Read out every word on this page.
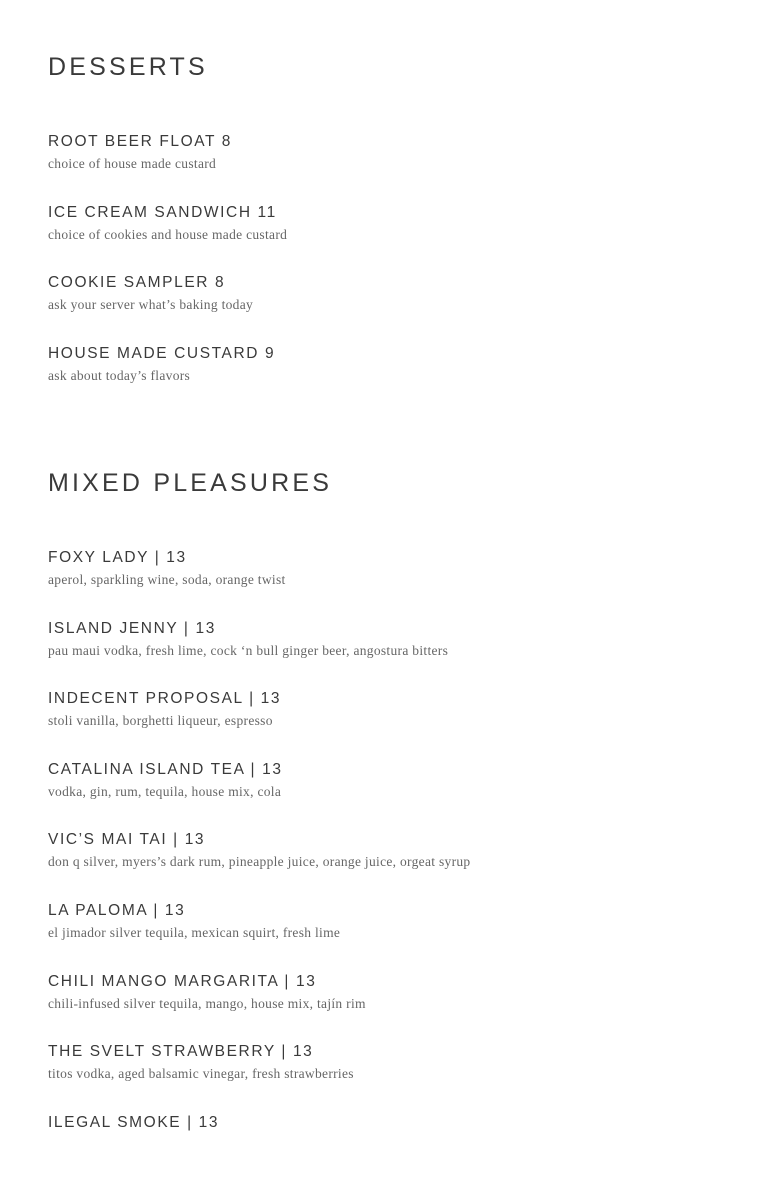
DESSERTS
ROOT BEER FLOAT 8
choice of house made custard
ICE CREAM SANDWICH 11
choice of cookies and house made custard
COOKIE SAMPLER 8
ask your server what’s baking today
HOUSE MADE CUSTARD 9
ask about today’s flavors
MIXED PLEASURES
FOXY LADY | 13
aperol, sparkling wine, soda, orange twist
ISLAND JENNY | 13
pau maui vodka, fresh lime, cock ‘n bull ginger beer, angostura bitters
INDECENT PROPOSAL | 13
stoli vanilla, borghetti liqueur, espresso
CATALINA ISLAND TEA | 13
vodka, gin, rum, tequila, house mix, cola
VIC’S MAI TAI | 13
don q silver, myers’s dark rum, pineapple juice, orange juice, orgeat syrup
LA PALOMA | 13
el jimador silver tequila, mexican squirt, fresh lime
CHILI MANGO MARGARITA | 13
chili-infused silver tequila, mango, house mix, tajín rim
THE SVELT STRAWBERRY | 13
titos vodka, aged balsamic vinegar, fresh strawberries
ILEGAL SMOKE | 13
